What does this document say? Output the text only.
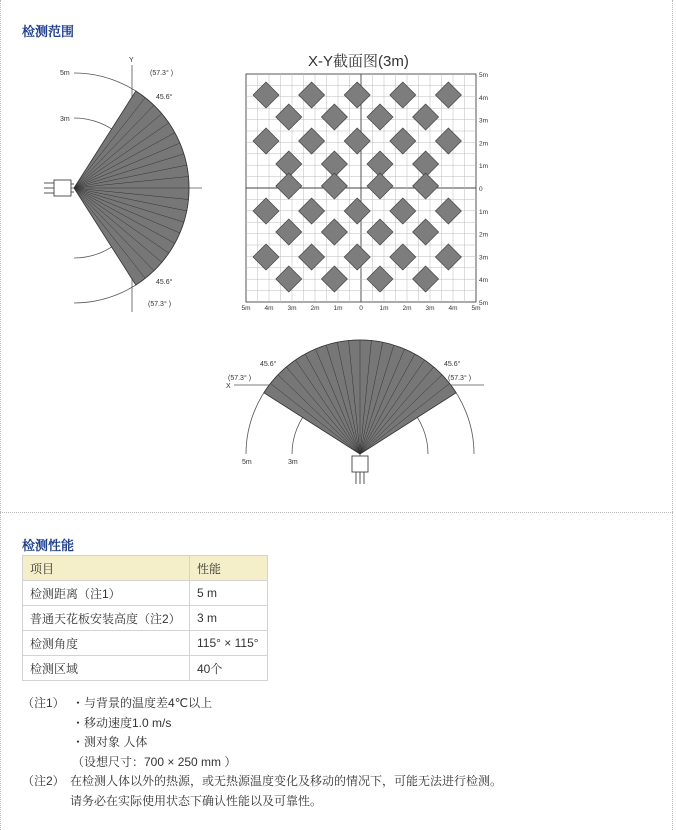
检测范围
检测性能
Y
5m
3m
(57.3° )
45.6°
45.6°
(57.3° )
X-Y截面图(3m)
5m
4m
3m
2m
1m
0
1m
2m
3m
4m
5m
5m 4m 3m 2m 1m	0	1m 2m 3m 4m 5m
X
5m	3m
(57.3° )
45.6°	45.6°
(57.3° )
项目	性能
检测距离（注1）	5 m
普通天花板安装高度（注2）	3 m
检测角度	115° × 115°
检测区域	40个
（注1） ・与背景的温度差4℃以上
・移动速度1.0 m/s
・测对象 人体
（设想尺寸：700 × 250 mm ）
（注2） 在检测人体以外的热源，或无热源温度变化及移动的情况下，可能无法进行检测。
请务必在实际使用状态下确认性能以及可靠性。
